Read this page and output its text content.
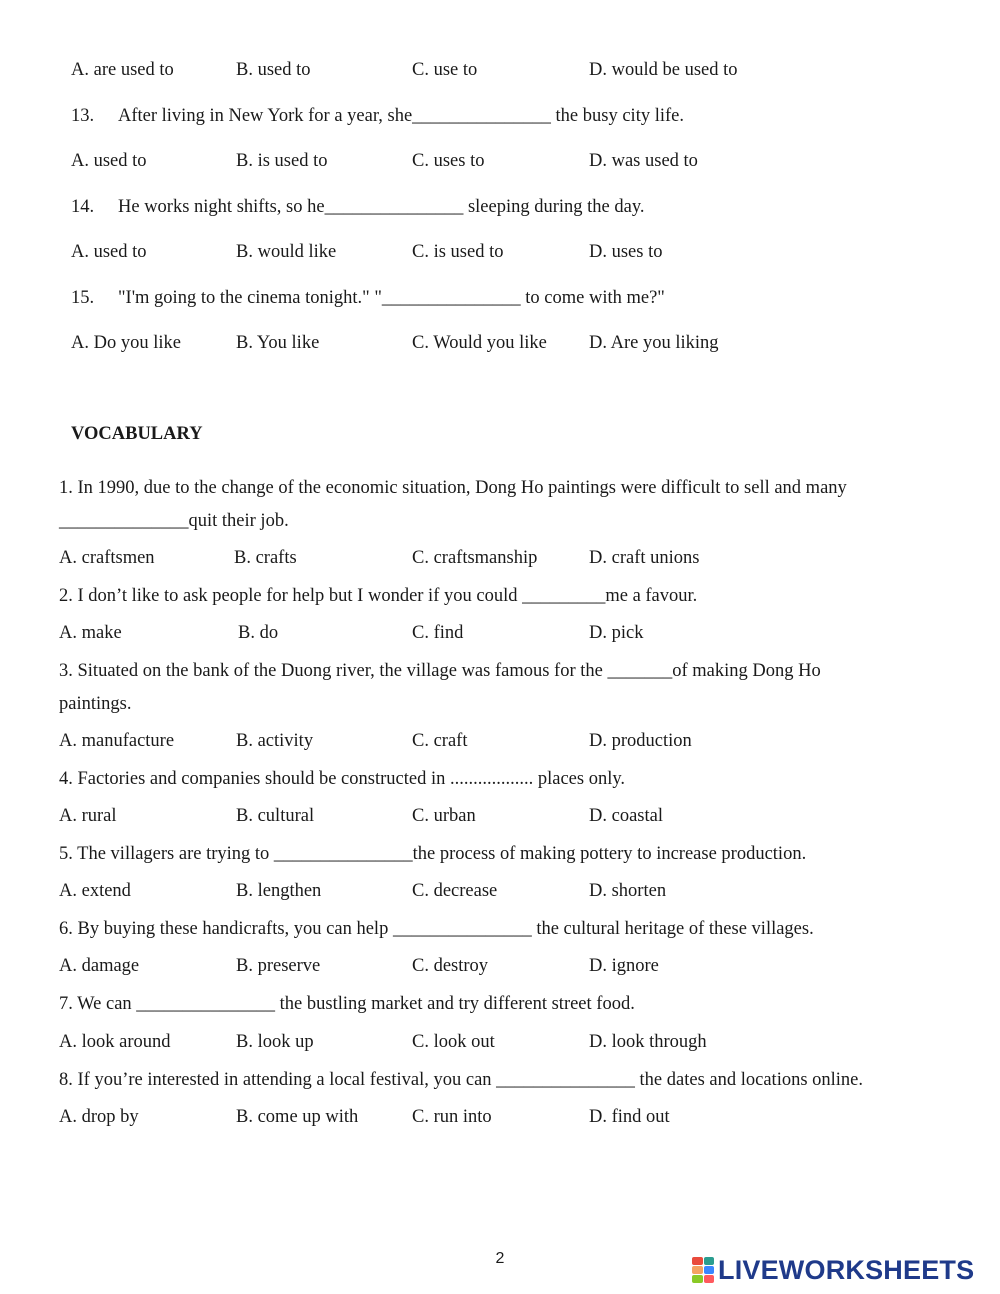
A. are used to	B. used to	C. use to	D. would be used to
13. After living in New York for a year, she_______________ the busy city life.
A. used to	B. is used to	C. uses to	D. was used to
14. He works night shifts, so he_______________ sleeping during the day.
A. used to	B. would like	C. is used to	D. uses to
15. "I'm going to the cinema tonight." "_______________ to come with me?"
A. Do you like	B. You like	C. Would you like D. Are you liking
VOCABULARY
1. In 1990, due to the change of the economic situation, Dong Ho paintings were difficult to sell and many
______________quit their job.
A. craftsmen	B. crafts	C. craftsmanship	D. craft unions
2. I don’t like to ask people for help but I wonder if you could _________me a favour.
A. make	B. do	C. find	D. pick
3. Situated on the bank of the Duong river, the village was famous for the _______of making Dong Ho
paintings.
A. manufacture	B. activity	C. craft	D. production
4. Factories and companies should be constructed in .................. places only.
A. rural	B. cultural	C. urban	D. coastal
5. The villagers are trying to _______________the process of making pottery to increase production.
A. extend	B. lengthen	C. decrease	D. shorten
6. By buying these handicrafts, you can help _______________ the cultural heritage of these villages.
A. damage	B. preserve	C. destroy	D. ignore
7. We can _______________ the bustling market and try different street food.
A. look around	B. look up	C. look out	D. look through
8. If you’re interested in attending a local festival, you can _______________ the dates and locations online.
A. drop by	B. come up with	C. run into	D. find out
2	LIVEWORKSHEETS
